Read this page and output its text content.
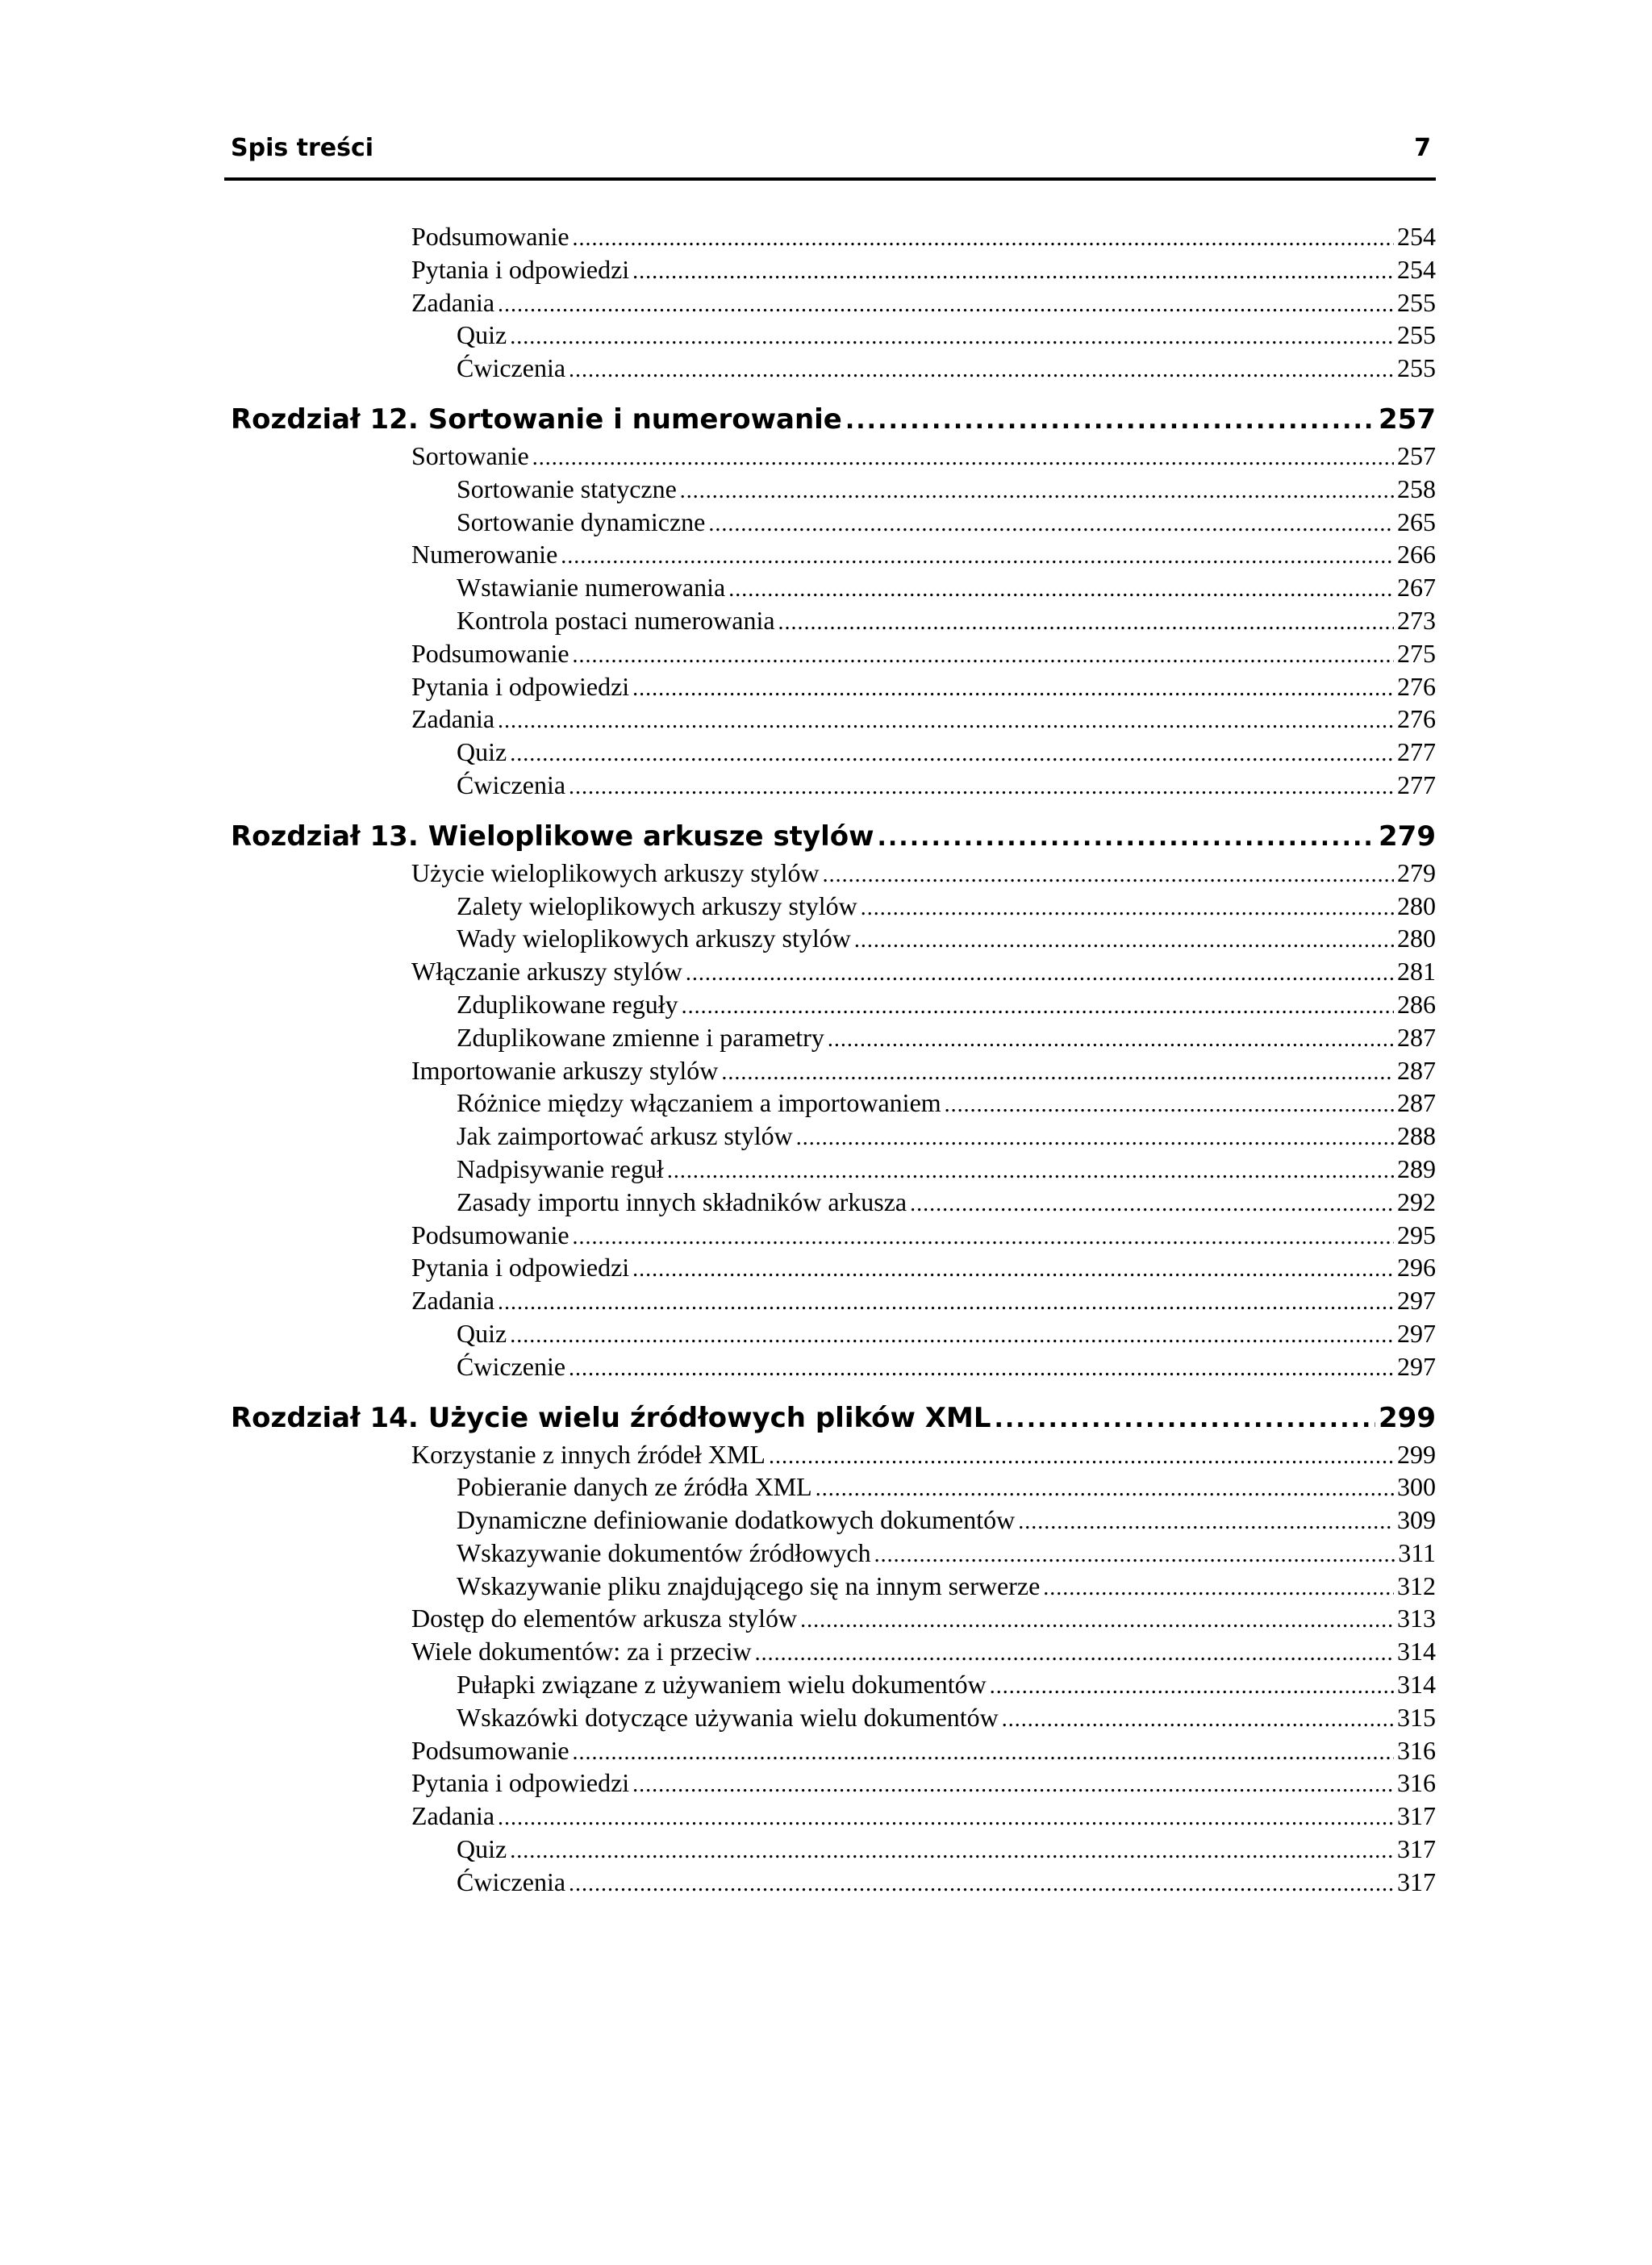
Spis treści	7
Podsumowanie .....	254
Pytania i odpowiedzi .....	254
Zadania .....	255
Quiz .....	255
Ćwiczenia .....	255
Rozdział 12. Sortowanie i numerowanie .....	257
Sortowanie .....	257
Sortowanie statyczne .....	258
Sortowanie dynamiczne .....	265
Numerowanie .....	266
Wstawianie numerowania .....	267
Kontrola postaci numerowania .....	273
Podsumowanie .....	275
Pytania i odpowiedzi .....	276
Zadania .....	276
Quiz .....	277
Ćwiczenia .....	277
Rozdział 13. Wieloplikowe arkusze stylów .....	279
Użycie wieloplikowych arkuszy stylów .....	279
Zalety wieloplikowych arkuszy stylów .....	280
Wady wieloplikowych arkuszy stylów .....	280
Włączanie arkuszy stylów .....	281
Zduplikowane reguły .....	286
Zduplikowane zmienne i parametry .....	287
Importowanie arkuszy stylów .....	287
Różnice między włączaniem a importowaniem .....	287
Jak zaimportować arkusz stylów .....	288
Nadpisywanie reguł .....	289
Zasady importu innych składników arkusza .....	292
Podsumowanie .....	295
Pytania i odpowiedzi .....	296
Zadania .....	297
Quiz .....	297
Ćwiczenie .....	297
Rozdział 14. Użycie wielu źródłowych plików XML .....	299
Korzystanie z innych źródeł XML .....	299
Pobieranie danych ze źródła XML .....	300
Dynamiczne definiowanie dodatkowych dokumentów .....	309
Wskazywanie dokumentów źródłowych .....	311
Wskazywanie pliku znajdującego się na innym serwerze .....	312
Dostęp do elementów arkusza stylów .....	313
Wiele dokumentów: za i przeciw .....	314
Pułapki związane z używaniem wielu dokumentów .....	314
Wskazówki dotyczące używania wielu dokumentów .....	315
Podsumowanie .....	316
Pytania i odpowiedzi .....	316
Zadania .....	317
Quiz .....	317
Ćwiczenia .....	317
